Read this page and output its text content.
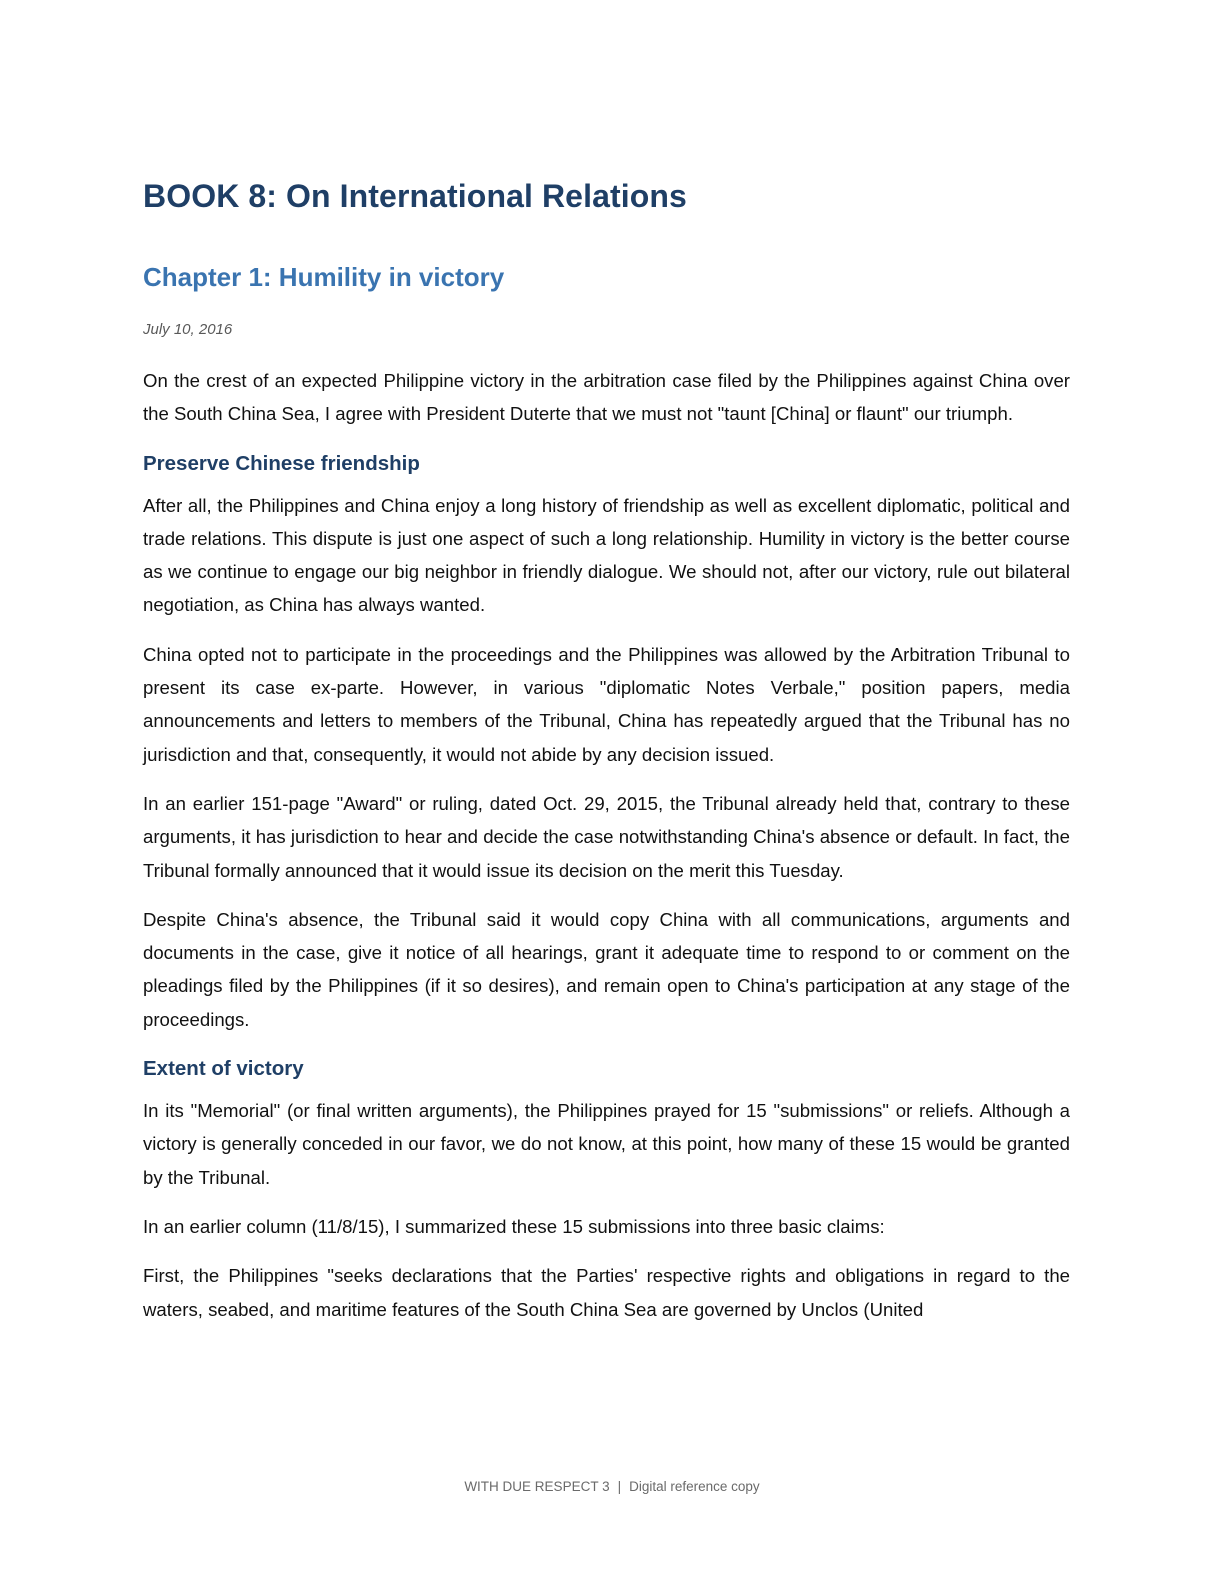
BOOK 8: On International Relations
Chapter 1: Humility in victory
July 10, 2016

On the crest of an expected Philippine victory in the arbitration case filed by the Philippines against China over the South China Sea, I agree with President Duterte that we must not "taunt [China] or flaunt" our triumph.

Preserve Chinese friendship

After all, the Philippines and China enjoy a long history of friendship as well as excellent diplomatic, political and trade relations. This dispute is just one aspect of such a long relationship. Humility in victory is the better course as we continue to engage our big neighbor in friendly dialogue. We should not, after our victory, rule out bilateral negotiation, as China has always wanted.

China opted not to participate in the proceedings and the Philippines was allowed by the Arbitration Tribunal to present its case ex-parte. However, in various "diplomatic Notes Verbale," position papers, media announcements and letters to members of the Tribunal, China has repeatedly argued that the Tribunal has no jurisdiction and that, consequently, it would not abide by any decision issued.

In an earlier 151-page "Award" or ruling, dated Oct. 29, 2015, the Tribunal already held that, contrary to these arguments, it has jurisdiction to hear and decide the case notwithstanding China's absence or default. In fact, the Tribunal formally announced that it would issue its decision on the merit this Tuesday.

Despite China's absence, the Tribunal said it would copy China with all communications, arguments and documents in the case, give it notice of all hearings, grant it adequate time to respond to or comment on the pleadings filed by the Philippines (if it so desires), and remain open to China's participation at any stage of the proceedings.

Extent of victory

In its "Memorial" (or final written arguments), the Philippines prayed for 15 "submissions" or reliefs. Although a victory is generally conceded in our favor, we do not know, at this point, how many of these 15 would be granted by the Tribunal.

In an earlier column (11/8/15), I summarized these 15 submissions into three basic claims:

First, the Philippines "seeks declarations that the Parties' respective rights and obligations in regard to the waters, seabed, and maritime features of the South China Sea are governed by Unclos (United

WITH DUE RESPECT 3 | Digital reference copy
